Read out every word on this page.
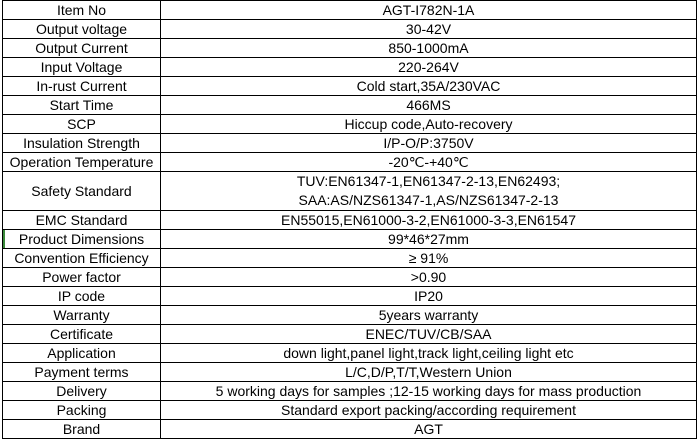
Item No	AGT-I782N-1A
Output voltage	30-42V
Output Current	850-1000mA
Input Voltage	220-264V
In-rust Current	Cold start,35A/230VAC
Start Time	466MS
SCP	Hiccup code,Auto-recovery
Insulation Strength	I/P-O/P:3750V
Operation Temperature	-20℃-+40℃
Safety Standard	TUV:EN61347-1,EN61347-2-13,EN62493;
SAA:AS/NZS61347-1,AS/NZS61347-2-13

EMC Standard	EN55015,EN61000-3-2,EN61000-3-3,EN61547
Product Dimensions	99*46*27mm
Convention Efficiency	≥ 91%
Power factor	>0.90
IP code	IP20
Warranty	5years warranty
Certificate	ENEC/TUV/CB/SAA
Application	down light,panel light,track light,ceiling light etc
Payment terms	L/C,D/P,T/T,Western Union
Delivery	5 working days for samples ;12-15 working days for mass production
Packing	Standard export packing/according requirement
Brand	AGT
